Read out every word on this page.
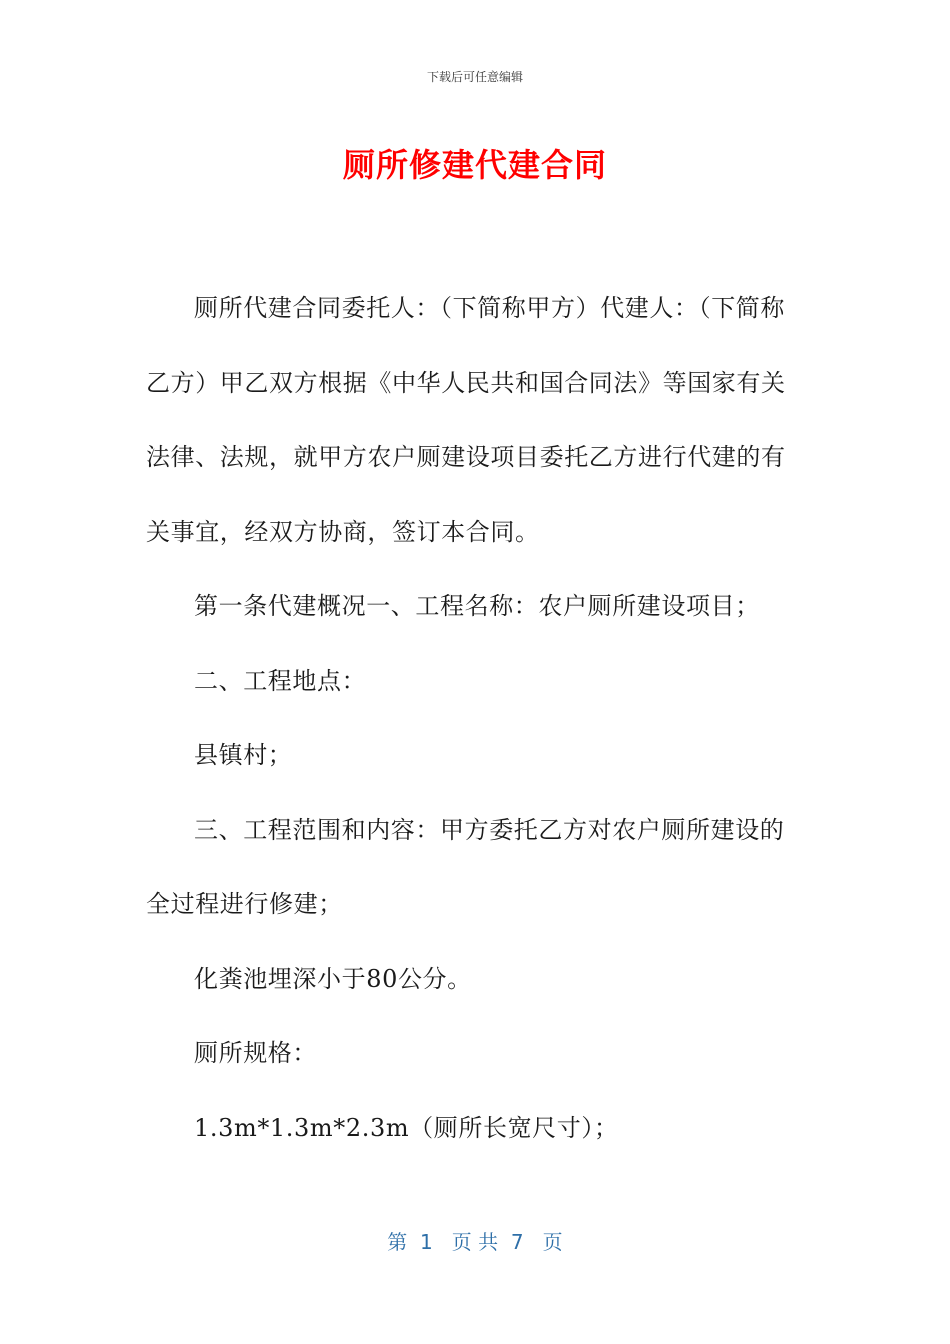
下载后可任意编辑
厕所修建代建合同

厕所代建合同委托人：（下简称甲方）代建人：（下简称乙方）甲乙双方根据《中华人民共和国合同法》等国家有关法律、法规，就甲方农户厕建设项目委托乙方进行代建的有关事宜，经双方协商，签订本合同。

第一条代建概况一、工程名称：农户厕所建设项目；

二、工程地点：

县镇村；

三、工程范围和内容：甲方委托乙方对农户厕所建设的全过程进行修建；

化粪池埋深小于80公分。

厕所规格：

1.3m*1.3m*2.3m（厕所长宽尺寸）；

第  1   页 共  7   页
